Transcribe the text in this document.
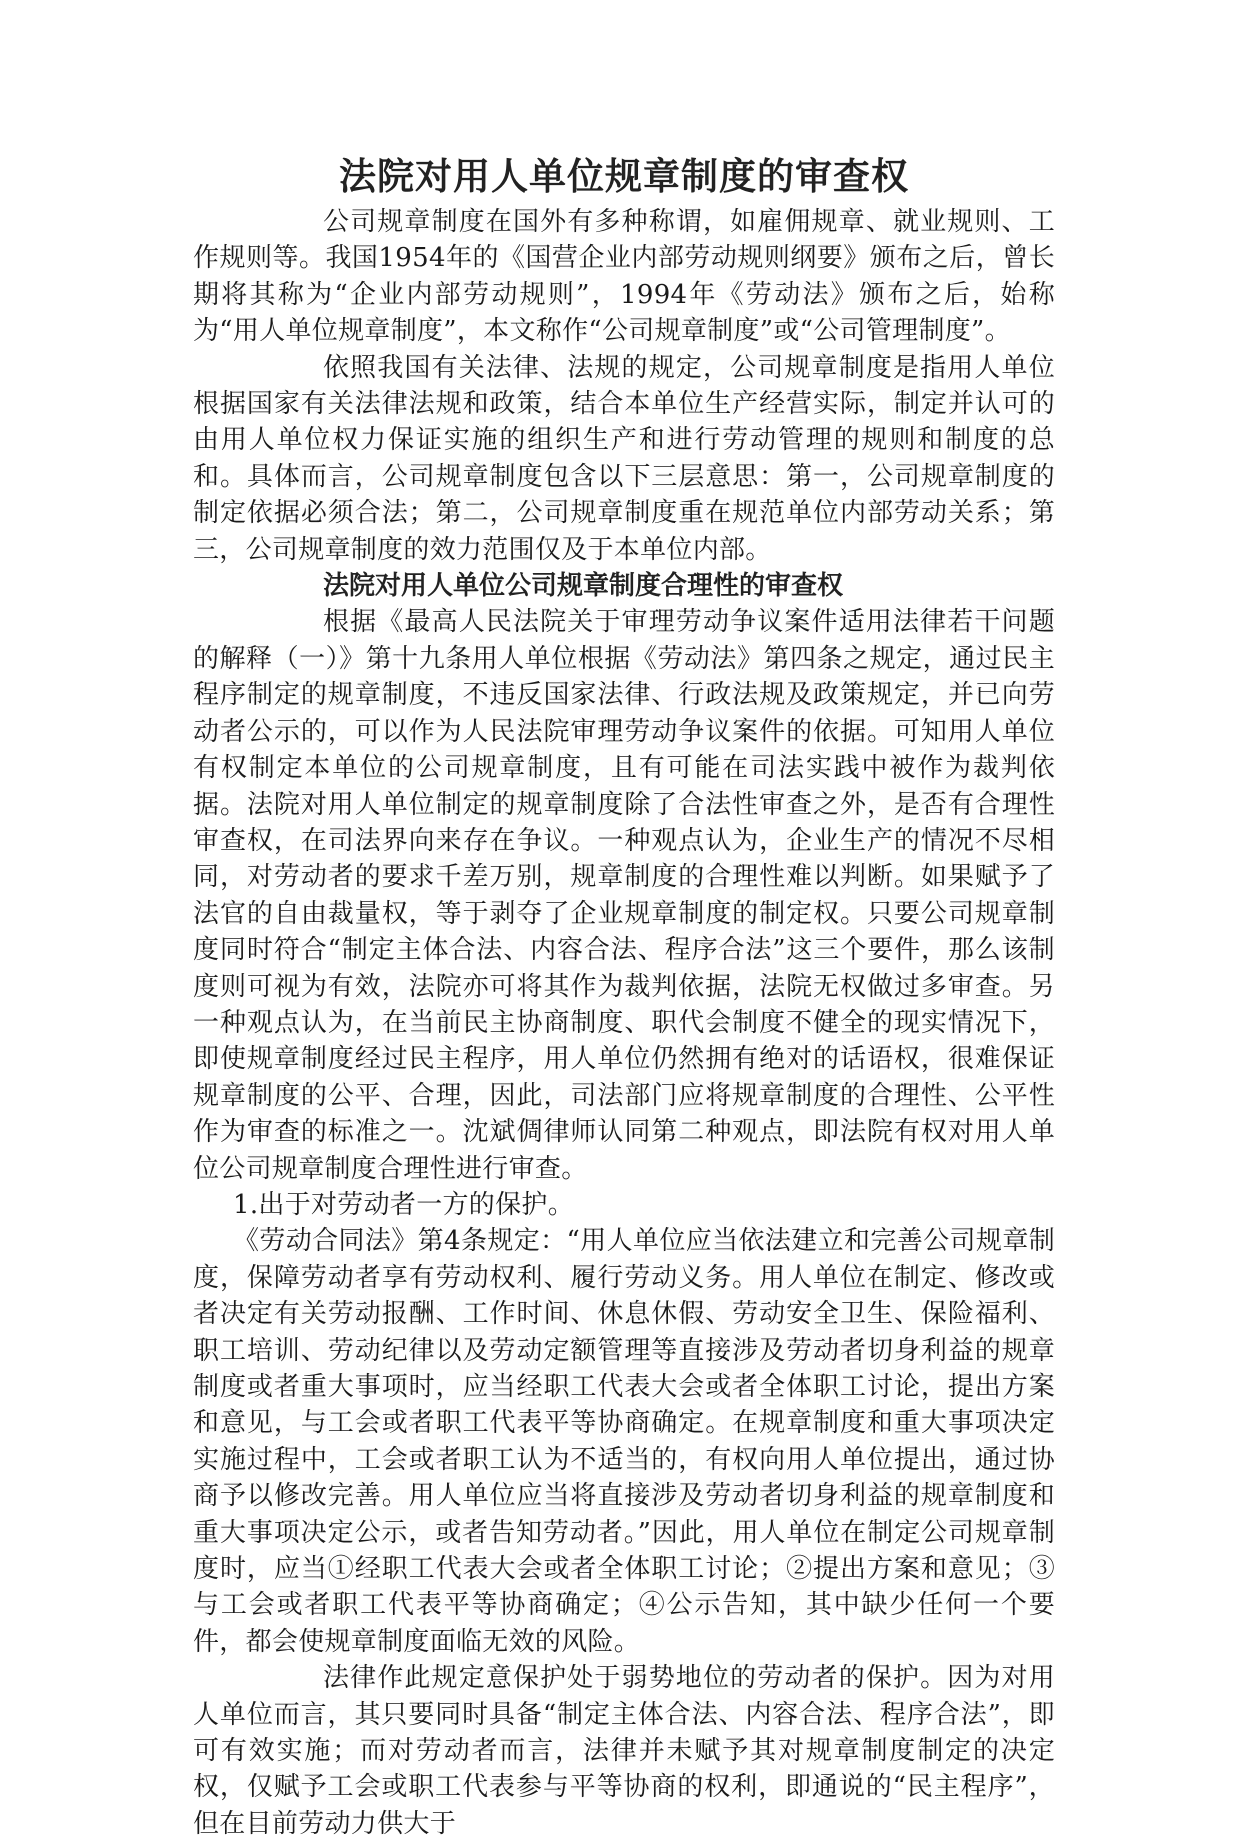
法院对用人单位规章制度的审查权

公司规章制度在国外有多种称谓，如雇佣规章、就业规则、工作规则等。我国1954年的《国营企业内部劳动规则纲要》颁布之后，曾长期将其称为“企业内部劳动规则”，1994年《劳动法》颁布之后，始称为“用人单位规章制度”，本文称作“公司规章制度”或“公司管理制度”。

依照我国有关法律、法规的规定，公司规章制度是指用人单位根据国家有关法律法规和政策，结合本单位生产经营实际，制定并认可的由用人单位权力保证实施的组织生产和进行劳动管理的规则和制度的总和。具体而言，公司规章制度包含以下三层意思：第一，公司规章制度的制定依据必须合法；第二，公司规章制度重在规范单位内部劳动关系；第三，公司规章制度的效力范围仅及于本单位内部。

法院对用人单位公司规章制度合理性的审查权

根据《最高人民法院关于审理劳动争议案件适用法律若干问题的解释（一）》第十九条用人单位根据《劳动法》第四条之规定，通过民主程序制定的规章制度，不违反国家法律、行政法规及政策规定，并已向劳动者公示的，可以作为人民法院审理劳动争议案件的依据。可知用人单位有权制定本单位的公司规章制度，且有可能在司法实践中被作为裁判依据。法院对用人单位制定的规章制度除了合法性审查之外，是否有合理性审查权，在司法界向来存在争议。一种观点认为，企业生产的情况不尽相同，对劳动者的要求千差万别，规章制度的合理性难以判断。如果赋予了法官的自由裁量权，等于剥夺了企业规章制度的制定权。只要公司规章制度同时符合“制定主体合法、内容合法、程序合法”这三个要件，那么该制度则可视为有效，法院亦可将其作为裁判依据，法院无权做过多审查。另一种观点认为，在当前民主协商制度、职代会制度不健全的现实情况下，即使规章制度经过民主程序，用人单位仍然拥有绝对的话语权，很难保证规章制度的公平、合理，因此，司法部门应将规章制度的合理性、公平性作为审查的标准之一。沈斌倜律师认同第二种观点，即法院有权对用人单位公司规章制度合理性进行审查。

1.出于对劳动者一方的保护。

《劳动合同法》第4条规定：“用人单位应当依法建立和完善公司规章制度，保障劳动者享有劳动权利、履行劳动义务。用人单位在制定、修改或者决定有关劳动报酬、工作时间、休息休假、劳动安全卫生、保险福利、职工培训、劳动纪律以及劳动定额管理等直接涉及劳动者切身利益的规章制度或者重大事项时，应当经职工代表大会或者全体职工讨论，提出方案和意见，与工会或者职工代表平等协商确定。在规章制度和重大事项决定实施过程中，工会或者职工认为不适当的，有权向用人单位提出，通过协商予以修改完善。用人单位应当将直接涉及劳动者切身利益的规章制度和重大事项决定公示，或者告知劳动者。”因此，用人单位在制定公司规章制度时，应当①经职工代表大会或者全体职工讨论；②提出方案和意见；③与工会或者职工代表平等协商确定；④公示告知，其中缺少任何一个要件，都会使规章制度面临无效的风险。

法律作此规定意保护处于弱势地位的劳动者的保护。因为对用人单位而言，其只要同时具备“制定主体合法、内容合法、程序合法”，即可有效实施；而对劳动者而言，法律并未赋予其对规章制度制定的决定权，仅赋予工会或职工代表参与平等协商的权利，即通说的“民主程序”，但在目前劳动力供大于
